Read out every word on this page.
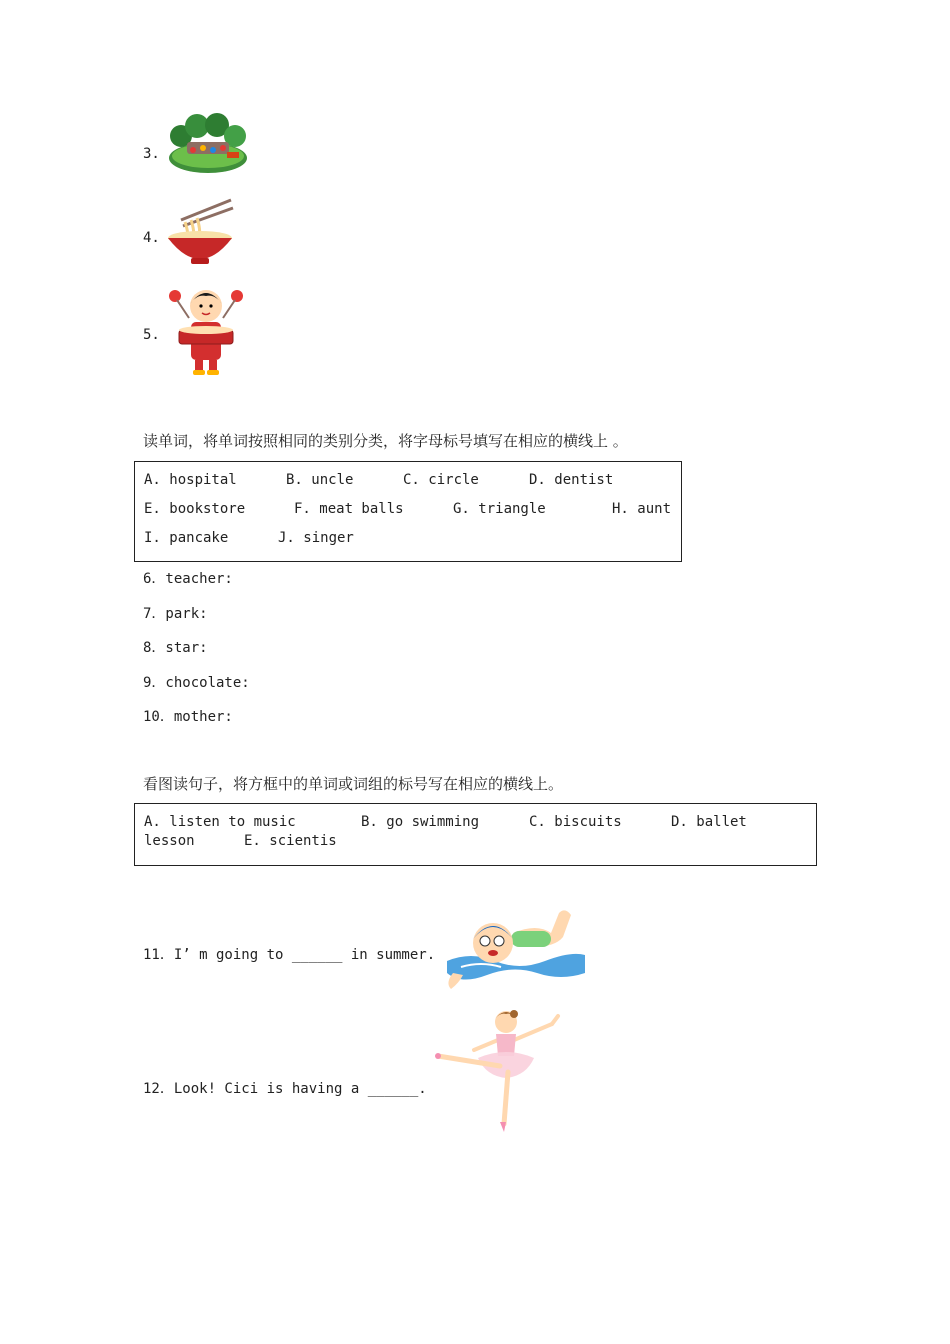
3.
4.
5.
读单词，将单词按照相同的类别分类，将字母标号填写在相应的横线上 。
A. hospital	B. uncle	C. circle	D. dentist
E. bookstore	F. meat balls	G. triangle	H. aunt
I. pancake	J. singer
6．teacher:
7．park:
8．star:
9．chocolate:
10．mother:
看图读句子，将方框中的单词或词组的标号写在相应的横线上。
A. listen to music	B. go swimming	C. biscuits	D. ballet
lesson	E. scientis
11．I’ m going to ______ in summer.
12．Look! Cici is having a ______.
